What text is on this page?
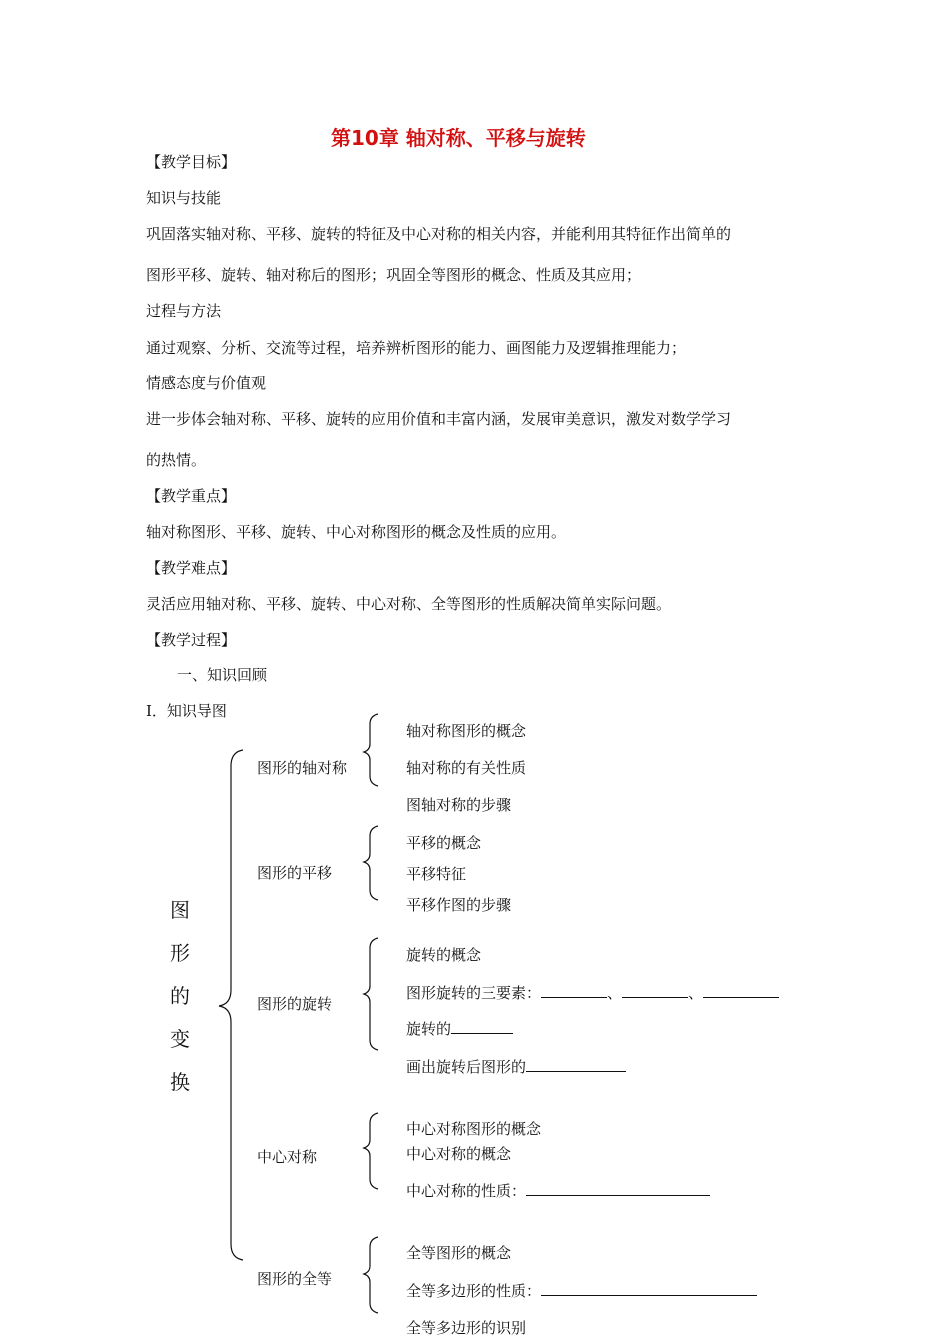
第10章 轴对称、平移与旋转
【教学目标】
知识与技能
巩固落实轴对称、平移、旋转的特征及中心对称的相关内容，并能利用其特征作出简单的
图形平移、旋转、轴对称后的图形；巩固全等图形的概念、性质及其应用；
过程与方法
通过观察、分析、交流等过程，培养辨析图形的能力、画图能力及逻辑推理能力；
情感态度与价值观
进一步体会轴对称、平移、旋转的应用价值和丰富内涵，发展审美意识，激发对数学学习
的热情。
【教学重点】
轴对称图形、平移、旋转、中心对称图形的概念及性质的应用。
【教学难点】
灵活应用轴对称、平移、旋转、中心对称、全等图形的性质解决简单实际问题。
【教学过程】
一、知识回顾
I．知识导图
图
形
的
变
换
图形的轴对称
图形的平移
图形的旋转
中心对称
图形的全等
轴对称图形的概念
轴对称的有关性质
图轴对称的步骤
平移的概念
平移特征
平移作图的步骤
旋转的概念
图形旋转的三要素：	、	、
旋转的
画出旋转后图形的
中心对称图形的概念
中心对称的概念
中心对称的性质：
全等图形的概念
全等多边形的性质：
全等多边形的识别
